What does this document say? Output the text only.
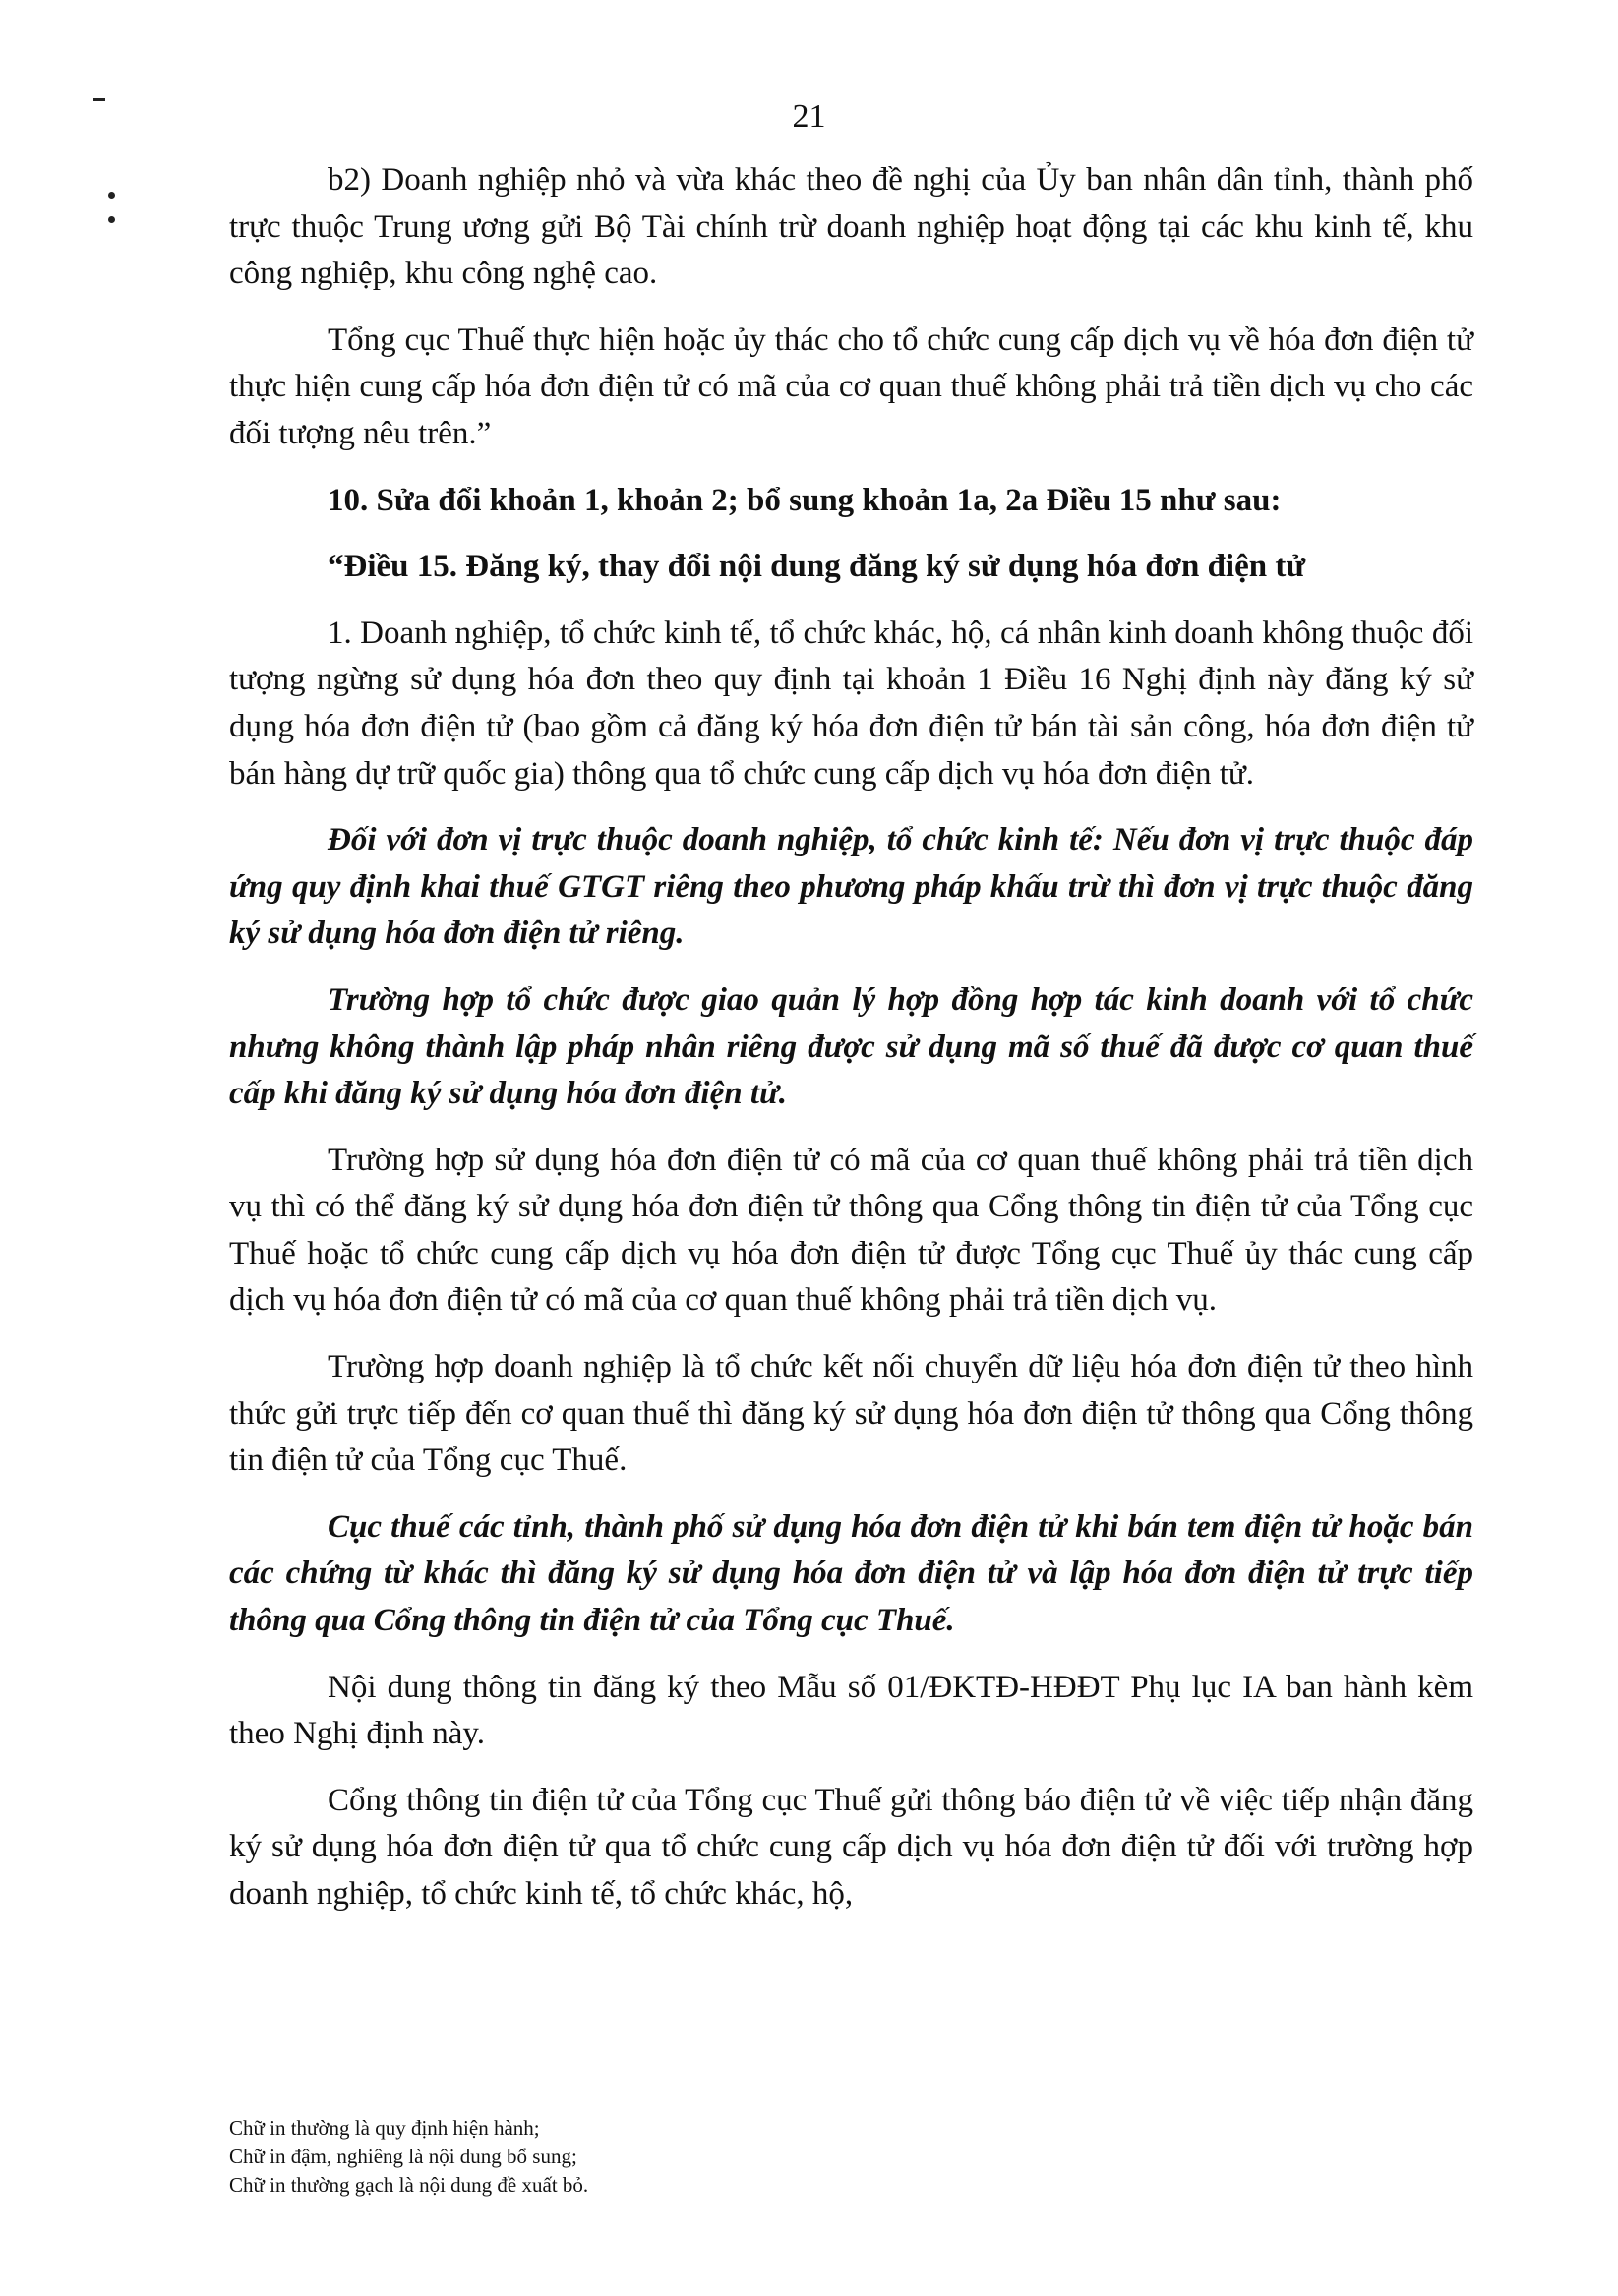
21

b2) Doanh nghiệp nhỏ và vừa khác theo đề nghị của Ủy ban nhân dân tỉnh, thành phố trực thuộc Trung ương gửi Bộ Tài chính trừ doanh nghiệp hoạt động tại các khu kinh tế, khu công nghiệp, khu công nghệ cao.

Tổng cục Thuế thực hiện hoặc ủy thác cho tổ chức cung cấp dịch vụ về hóa đơn điện tử thực hiện cung cấp hóa đơn điện tử có mã của cơ quan thuế không phải trả tiền dịch vụ cho các đối tượng nêu trên.”

10. Sửa đổi khoản 1, khoản 2; bổ sung khoản 1a, 2a Điều 15 như sau:

“Điều 15. Đăng ký, thay đổi nội dung đăng ký sử dụng hóa đơn điện tử

1. Doanh nghiệp, tổ chức kinh tế, tổ chức khác, hộ, cá nhân kinh doanh không thuộc đối tượng ngừng sử dụng hóa đơn theo quy định tại khoản 1 Điều 16 Nghị định này đăng ký sử dụng hóa đơn điện tử (bao gồm cả đăng ký hóa đơn điện tử bán tài sản công, hóa đơn điện tử bán hàng dự trữ quốc gia) thông qua tổ chức cung cấp dịch vụ hóa đơn điện tử.

Đối với đơn vị trực thuộc doanh nghiệp, tổ chức kinh tế: Nếu đơn vị trực thuộc đáp ứng quy định khai thuế GTGT riêng theo phương pháp khấu trừ thì đơn vị trực thuộc đăng ký sử dụng hóa đơn điện tử riêng.

Trường hợp tổ chức được giao quản lý hợp đồng hợp tác kinh doanh với tổ chức nhưng không thành lập pháp nhân riêng được sử dụng mã số thuế đã được cơ quan thuế cấp khi đăng ký sử dụng hóa đơn điện tử.

Trường hợp sử dụng hóa đơn điện tử có mã của cơ quan thuế không phải trả tiền dịch vụ thì có thể đăng ký sử dụng hóa đơn điện tử thông qua Cổng thông tin điện tử của Tổng cục Thuế hoặc tổ chức cung cấp dịch vụ hóa đơn điện tử được Tổng cục Thuế ủy thác cung cấp dịch vụ hóa đơn điện tử có mã của cơ quan thuế không phải trả tiền dịch vụ.

Trường hợp doanh nghiệp là tổ chức kết nối chuyển dữ liệu hóa đơn điện tử theo hình thức gửi trực tiếp đến cơ quan thuế thì đăng ký sử dụng hóa đơn điện tử thông qua Cổng thông tin điện tử của Tổng cục Thuế.

Cục thuế các tỉnh, thành phố sử dụng hóa đơn điện tử khi bán tem điện tử hoặc bán các chứng từ khác thì đăng ký sử dụng hóa đơn điện tử và lập hóa đơn điện tử trực tiếp thông qua Cổng thông tin điện tử của Tổng cục Thuế.

Nội dung thông tin đăng ký theo Mẫu số 01/ĐKTĐ-HĐĐT Phụ lục IA ban hành kèm theo Nghị định này.

Cổng thông tin điện tử của Tổng cục Thuế gửi thông báo điện tử về việc tiếp nhận đăng ký sử dụng hóa đơn điện tử qua tổ chức cung cấp dịch vụ hóa đơn điện tử đối với trường hợp doanh nghiệp, tổ chức kinh tế, tổ chức khác, hộ,

Chữ in thường là quy định hiện hành;
Chữ in đậm, nghiêng là nội dung bổ sung;
Chữ in thường gạch là nội dung đề xuất bỏ.
